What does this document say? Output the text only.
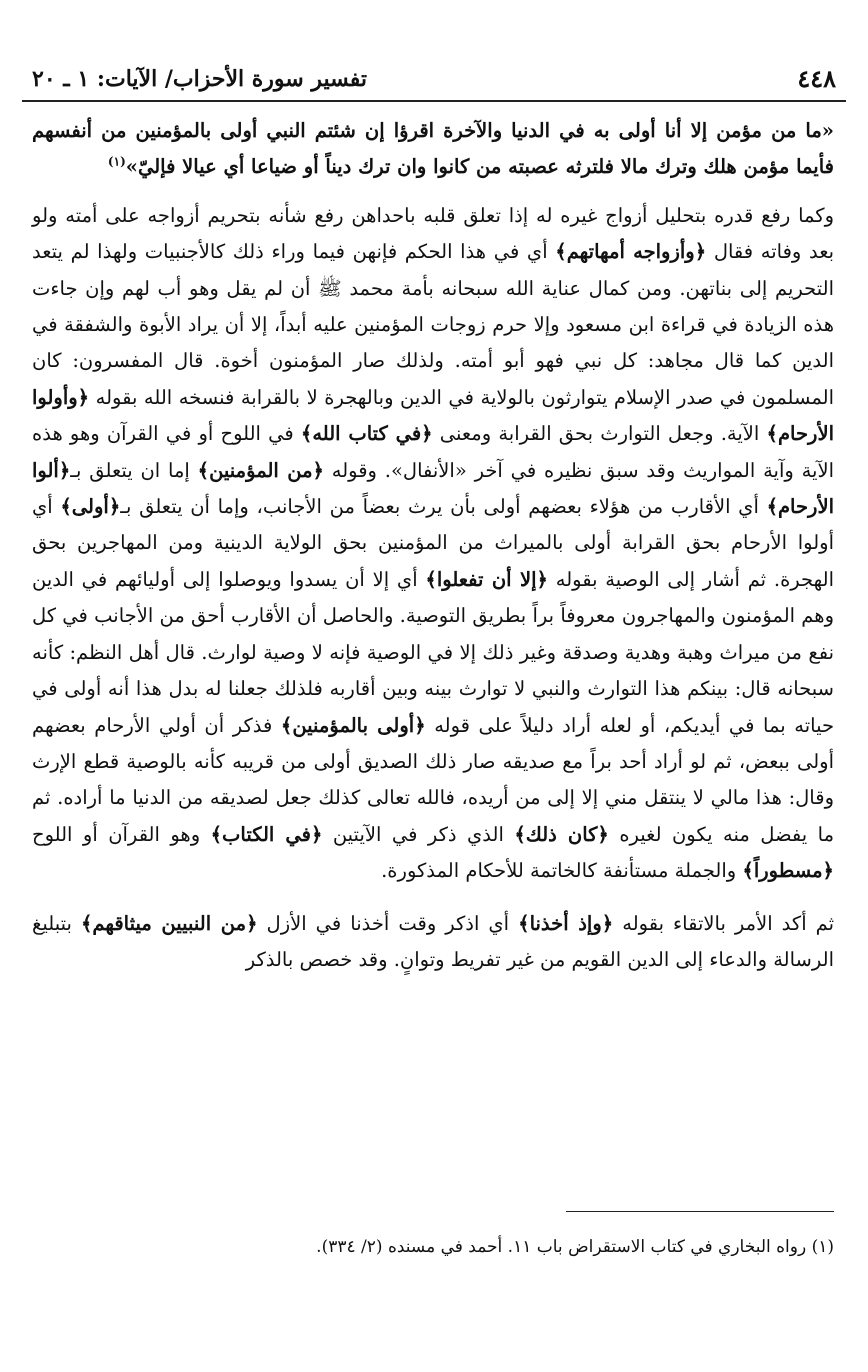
٤٤٨
تفسير سورة الأحزاب/ الآيات: ١ ـ ٢٠

«ما من مؤمن إلا أنا أولى به في الدنيا والآخرة اقرؤا إن شئتم النبي أولى بالمؤمنين من أنفسهم فأيما مؤمن هلك وترك مالا فلترثه عصبته من كانوا وان ترك ديناً أو ضياعا أي عيالا فإليّ»$^{(١)}$

وكما رفع قدره بتحليل أزواج غيره له إذا تعلق قلبه باحداهن رفع شأنه بتحريم أزواجه على أمته ولو بعد وفاته فقال ﴿وأزواجه أمهاتهم﴾ أي في هذا الحكم فإنهن فيما وراء ذلك كالأجنبيات ولهذا لم يتعد التحريم إلى بناتهن. ومن كمال عناية الله سبحانه بأمة محمد ﷺ أن لم يقل وهو أب لهم وإن جاءت هذه الزيادة في قراءة ابن مسعود وإلا حرم زوجات المؤمنين عليه أبداً، إلا أن يراد الأبوة والشفقة في الدين كما قال مجاهد: كل نبي فهو أبو أمته. ولذلك صار المؤمنون أخوة. قال المفسرون: كان المسلمون في صدر الإسلام يتوارثون بالولاية في الدين وبالهجرة لا بالقرابة فنسخه الله بقوله ﴿وأولوا الأرحام﴾ الآية. وجعل التوارث بحق القرابة ومعنى ﴿في كتاب الله﴾ في اللوح أو في القرآن وهو هذه الآية وآية المواريث وقد سبق نظيره في آخر «الأنفال». وقوله ﴿من المؤمنين﴾ إما ان يتعلق بـ﴿ألوا الأرحام﴾ أي الأقارب من هؤلاء بعضهم أولى بأن يرث بعضاً من الأجانب، وإما أن يتعلق بـ﴿أولى﴾ أي أولوا الأرحام بحق القرابة أولى بالميراث من المؤمنين بحق الولاية الدينية ومن المهاجرين بحق الهجرة. ثم أشار إلى الوصية بقوله ﴿إلا أن تفعلوا﴾ أي إلا أن يسدوا ويوصلوا إلى أوليائهم في الدين وهم المؤمنون والمهاجرون معروفاً براً بطريق التوصية. والحاصل أن الأقارب أحق من الأجانب في كل نفع من ميراث وهبة وهدية وصدقة وغير ذلك إلا في الوصية فإنه لا وصية لوارث. قال أهل النظم: كأنه سبحانه قال: بينكم هذا التوارث والنبي لا توارث بينه وبين أقاربه فلذلك جعلنا له بدل هذا أنه أولى في حياته بما في أيديكم، أو لعله أراد دليلاً على قوله ﴿أولى بالمؤمنين﴾ فذكر أن أولي الأرحام بعضهم أولى ببعض، ثم لو أراد أحد براً مع صديقه صار ذلك الصديق أولى من قريبه كأنه بالوصية قطع الإرث وقال: هذا مالي لا ينتقل مني إلا إلى من أريده، فالله تعالى كذلك جعل لصديقه من الدنيا ما أراده. ثم ما يفضل منه يكون لغيره ﴿كان ذلك﴾ الذي ذكر في الآيتين ﴿في الكتاب﴾ وهو القرآن أو اللوح ﴿مسطوراً﴾ والجملة مستأنفة كالخاتمة للأحكام المذكورة.

ثم أكد الأمر بالاتقاء بقوله ﴿وإذ أخذنا﴾ أي اذكر وقت أخذنا في الأزل ﴿من النبيين ميثاقهم﴾ بتبليغ الرسالة والدعاء إلى الدين القويم من غير تفريط وتوانٍ. وقد خصص بالذكر

(١) رواه البخاري في كتاب الاستقراض باب ١١. أحمد في مسنده (٢/ ٣٣٤).
